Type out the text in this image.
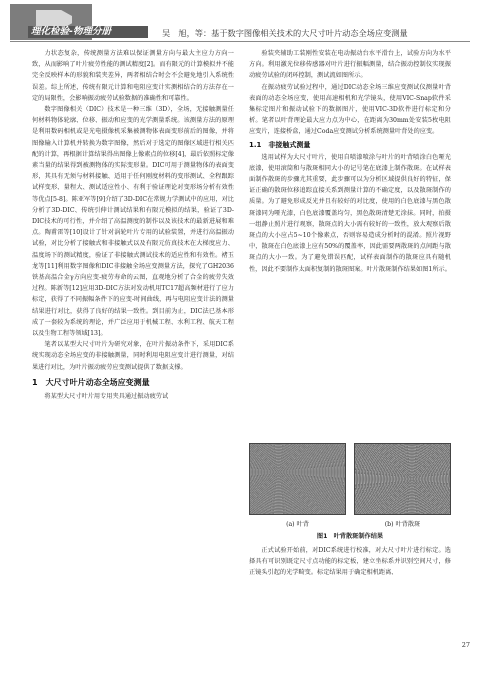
理化检验-物理分册	吴　旭，等：基于数字图像相关技术的大尺寸叶片动态全场应变测量

力状态复杂，传统测量方法难以保证测量方向与最大主应力方向一致，从而影响了叶片疲劳性能的测试精度[2]。而有限元的计算模拟并不能完全反映样本的形貌和装夹差异，两者相结合时会不会避免地引入系统性误差。综上所述，传统有限元计算和电阻应变计实测相结合的方法存在一定的局限性，会影响振动疲劳试验数据的准确性和可靠性。

数字图像相关（DIC）技术是一种三维（3D），全场，无接触测量任何材料物体轮廓、位移、振动和应变的光学测量系统。该测量方法的原理是利用数码相机或是光电摄像机采集被测物体表面变形前后的图像，并将图像输入计算机并转换为数字图像，然后对于选定的图像区域进行相关匹配的计算，再根据计算结果得出图像上像素点的位移[4]，最后依照标定像素当量的结果得到被测物体的实际变形量。DIC可用于测量物体的表面变形，其具有无须与材料接触、适用于任何刚度材料的变形测试、全程跟踪试样变形、量程大、测试适应性小、有利于验证理论对变形场分析有效性等优点[5-8]。陈亚军等[9]介绍了3D-DIC在常规力学测试中的应用，对比分析了3D-DIC、传统引伸计测试结果和有限元模拟的结果，验证了3D-DIC技术的可行性，并介绍了高温测度的制作以及该技术的最新进展和难点。陶甫雷等[10]设计了针对涡轮叶片专用的试验装置，并进行高温振动试验，对比分析了接触式和非接触式以及有限元仿真技术在大梯度应力、温度场下的测试精度，验证了非接触式测试技术的适应性和有效性。褚玉龙等[11]利用数字图像和DIC非接触全场应变测量方法，探究了GH2036铁基高温合金γ方向应变-疲劳寿命的云图，直观地分析了合金的疲劳失效过程。陈新等[12]应用3D-DIC方法对发动机用TC17超高频材进行了应力标定，获得了不同振幅条件下的应变-时间曲线，再与电阻应变计法的测量结果进行对比，获得了良好的结果一致性。到目前为止，DIC法已基本形成了一套较为系统的理论，并广泛应用于机械工程、水利工程、航天工程以及生物工程等领域[13]。

笔者以某型大尺寸叶片为研究对象，在叶片振动条件下，采用DIC系统实现动态全场应变的非接触测量，同时利用电阻应变计进行测量，对结果进行对比，为叶片振动疲劳应变测试提供了数据支撑。

1　大尺寸叶片动态全场应变测量

将某型大尺寸叶片用专用夹具通过振动疲劳试

验装夹辅助工装刚性安装在电动振动台水平滑台上，试验方向为水平方向。利用激光位移传感器对叶片进行振幅测量，结合振动控制仪实现振动疲劳试验的闭环控制，测试流如图所示。

在振动疲劳试验过程中，通过DIC动态全场三维应变测试仪测量叶背表面的动态全场应变，使用高速相机和光学镜头，使用VIC-Snap软件采集标定图片和振动试验下的数据图片，使用VIC-3D软件进行标定和分析。笔者以叶背理论最大应力点为中心，在距离为30mm处安装5枚电阻应变片，连接桥盒，通过Coda应变测试分析系统测量叶背处的应变。

1.1　非接触式测量

选用试样为大尺寸叶片，使用自喷漆喷涂与叶片的叶背喷涂白色哑光底漆，使用滚筒和与散斑相同大小的记号笔在底漆上制作散斑。在试样表面制作散斑的步骤尤其重要，此步骤可以为分析区域提供良好的特征，保证正确的散斑位移追踪直接关系到测量计算的不确定度，以及散斑制作的质量。为了避免形成反光并且有较好的对比度，使用的白色底漆与黑色散斑漆同为哑光漆，白色底漆覆盖均匀，黑色散斑清楚无涂抹。同时，拍摄一组静止照片进行观察，散斑点的大小需有较好的一致性，放大观察后散斑点的大小应占5~10个像素点，否则容易造成分析时的混淆。照片视野中，散斑在白色底漆上应有50%的覆盖率，因此需要两散斑的点间距与散斑点的大小一致。为了避免错误匹配，试样表面制作的散斑应具有随机性，因此不要制作太面积复制的散斑图案。叶片散斑制作结果如图1所示。

(a) 叶背	(b) 叶背散斑
图1　叶背散斑制作结果

正式试验开始前，对DIC系统进行校准，对大尺寸叶片进行标定。选择具有可识别既定尺寸点功能的标定板，建立坐标系并识别空间尺寸，修正镜头引起的光学畸变。标定结果用于确定相机距离、

27
